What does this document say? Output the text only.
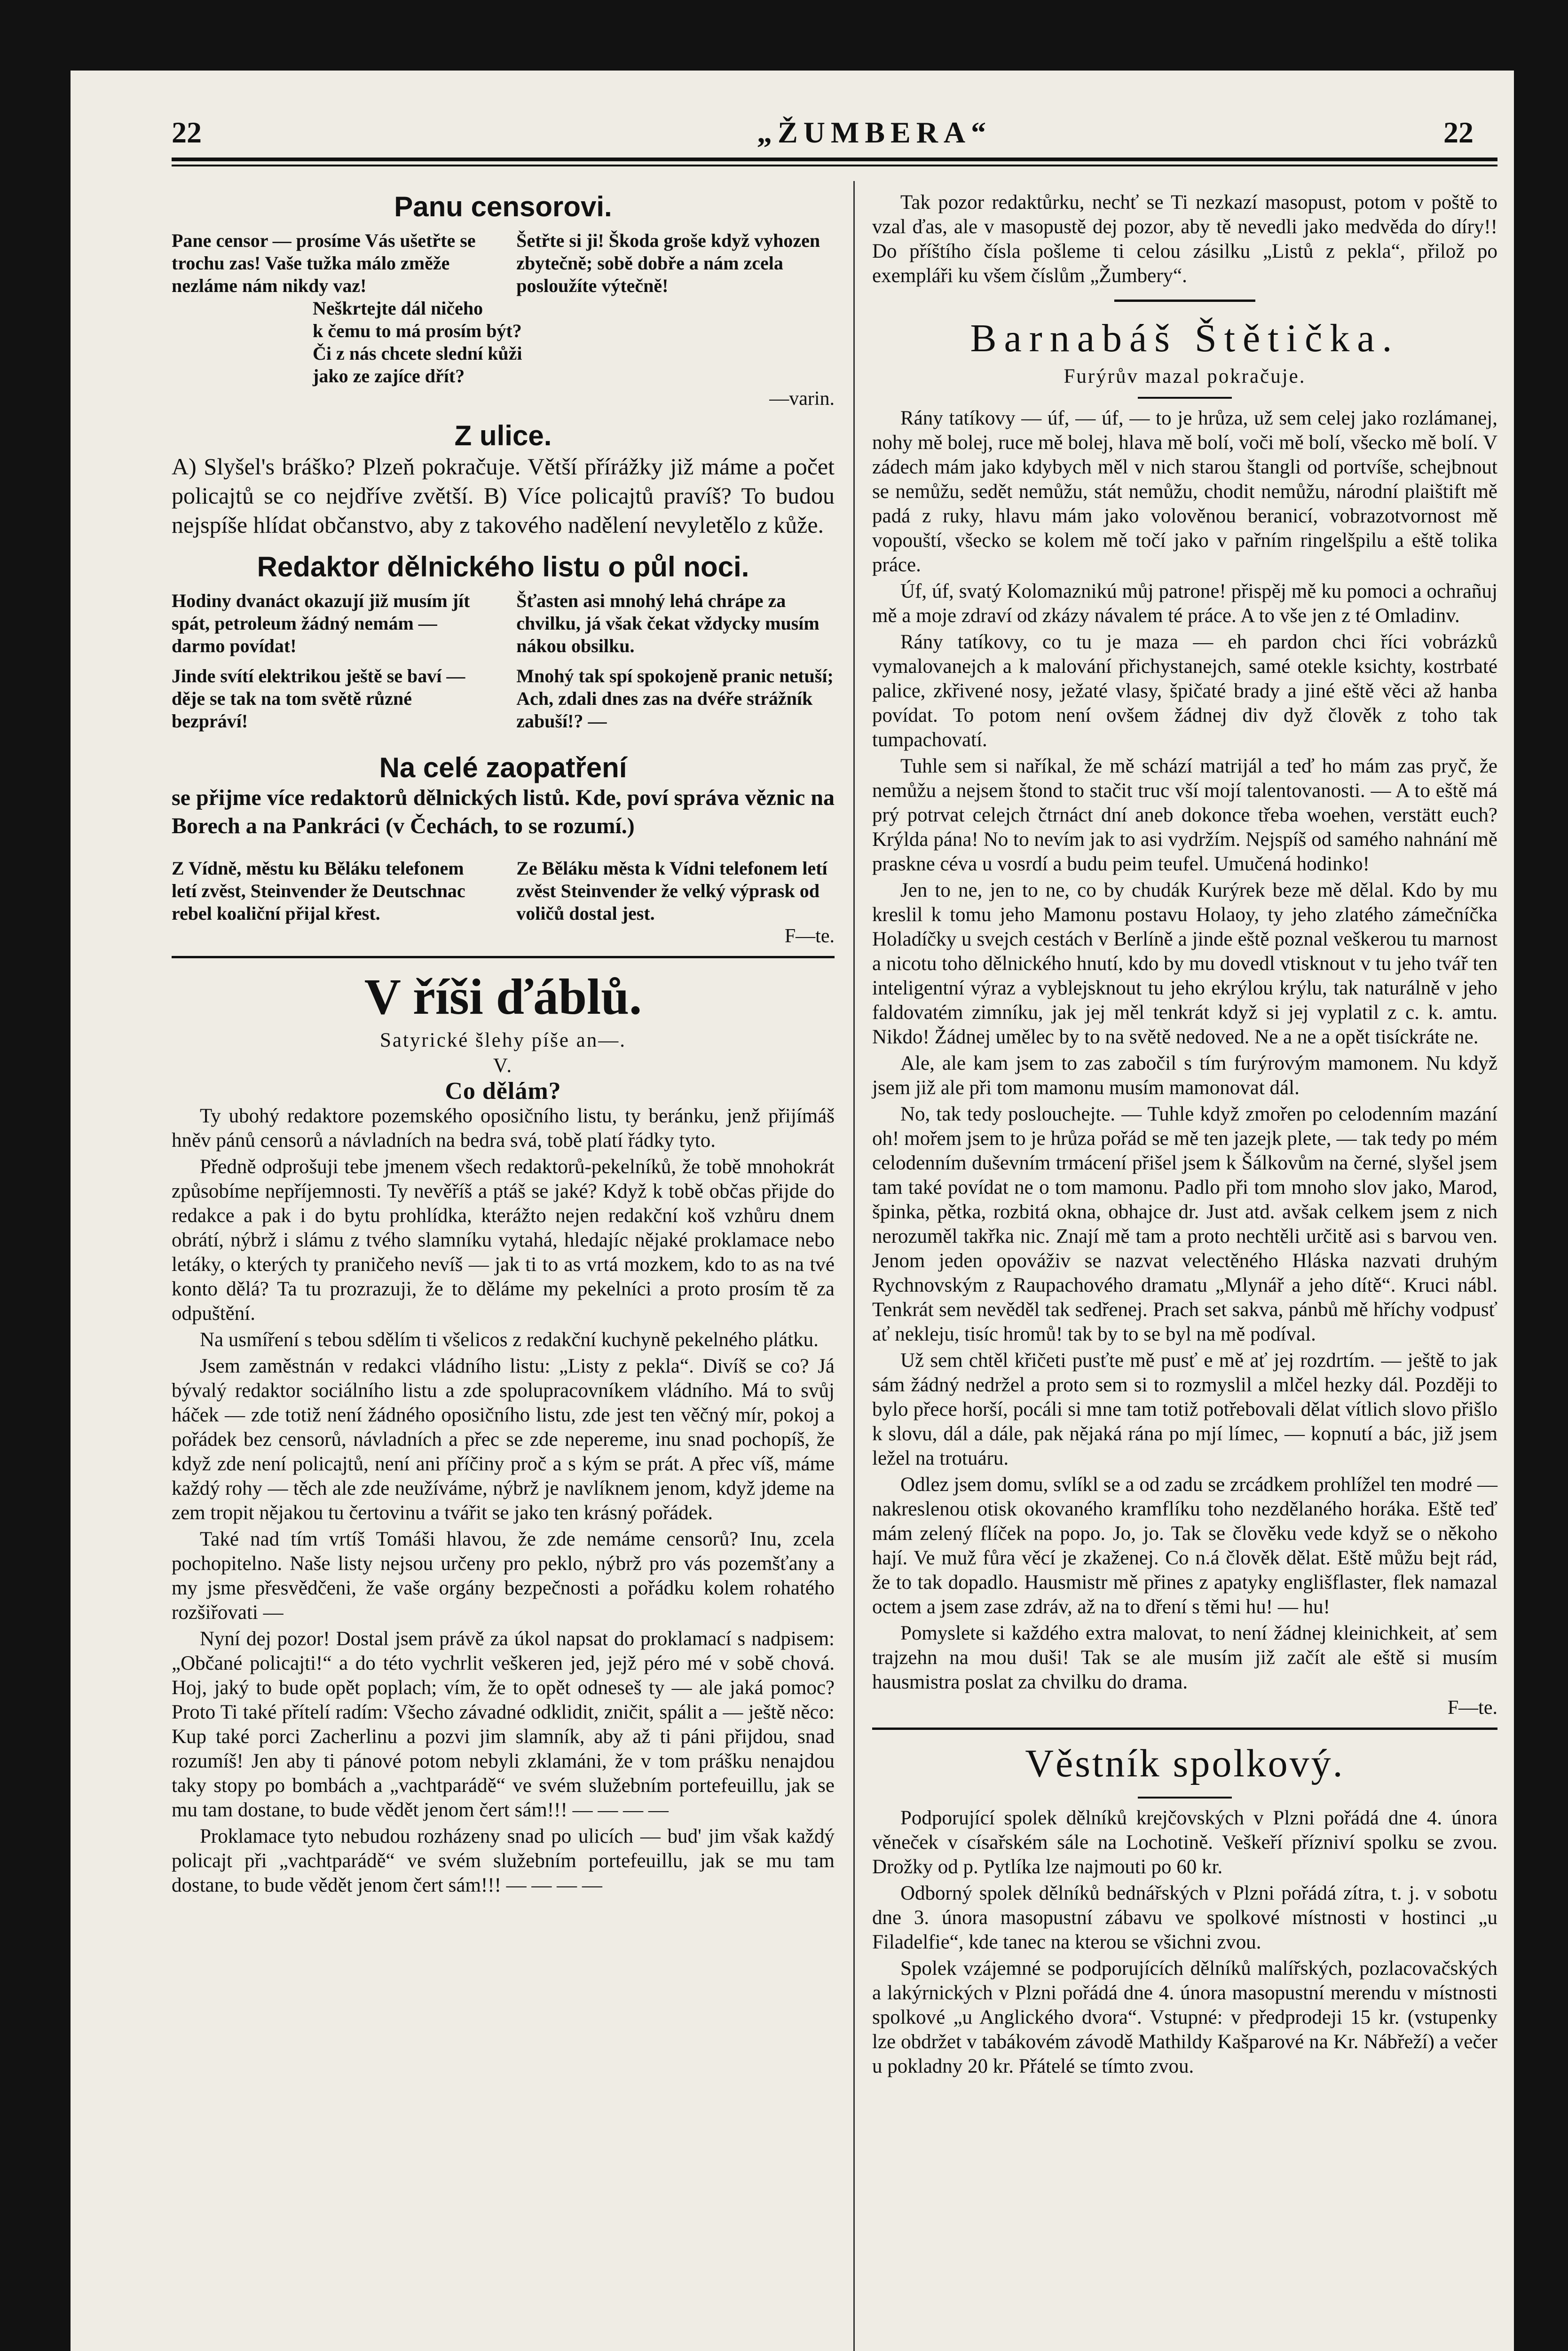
22	„ŽUMBERA“	22
Panu censorovi.
Pane censor — prosíme Vás ušetřte se trochu zas! Vaše tužka málo změže nezláme nám nikdy vaz!
Šetřte si ji! Škoda groše když vyhozen zbytečně; sobě dobře a nám zcela posloužíte výtečně!
Neškrtejte dál ničeho
k čemu to má prosím být?
Či z nás chcete slední kůži
jako ze zajíce dřít?
—varin.
Z ulice.

A) Slyšel's bráško? Plzeň pokračuje. Větší přírážky již máme a počet policajtů se co nejdříve zvětší. B) Více policajtů pravíš? To budou nejspíše hlídat občanstvo, aby z takového nadělení nevyletělo z kůže.

Redaktor dělnického listu o půl noci.
Hodiny dvanáct okazují již musím jít spát, petroleum žádný nemám — darmo povídat!
Jinde svítí elektrikou ještě se baví — děje se tak na tom světě různé bezpráví!
Šťasten asi mnohý lehá chrápe za chvilku, já však čekat vždycky musím nákou obsilku.
Mnohý tak spí spokojeně pranic netuší; Ach, zdali dnes zas na dvéře strážník zabuší!? —
Na celé zaopatření

se přijme více redaktorů dělnických listů. Kde, poví správa věznic na Borech a na Pankráci (v Čechách, to se rozumí.)

Z Vídně, městu ku Běláku telefonem letí zvěst, Steinvender že Deutschnac rebel koaliční přijal křest.
Ze Běláku města k Vídni telefonem letí zvěst Steinvender že velký výprask od voličů dostal jest.
F—te.
V říši ďáblů.
Satyrické šlehy píše an—.
V.
Co dělám?

Ty ubohý redaktore pozemského oposičního listu, ty beránku, jenž přijímáš hněv pánů censorů a návladních na bedra svá, tobě platí řádky tyto.

Předně odprošuji tebe jmenem všech redaktorů-pekelníků, že tobě mnohokrát způsobíme nepříjemnosti. Ty nevěříš a ptáš se jaké? Když k tobě občas přijde do redakce a pak i do bytu prohlídka, kterážto nejen redakční koš vzhůru dnem obrátí, nýbrž i slámu z tvého slamníku vytahá, hledajíc nějaké proklamace nebo letáky, o kterých ty praničeho nevíš — jak ti to as vrtá mozkem, kdo to as na tvé konto dělá? Ta tu prozrazuji, že to děláme my pekelníci a proto prosím tě za odpuštění.

Na usmíření s tebou sdělím ti všelicos z redakční kuchyně pekelného plátku.

Jsem zaměstnán v redakci vládního listu: „Listy z pekla“. Divíš se co? Já bývalý redaktor sociálního listu a zde spolupracovníkem vládního. Má to svůj háček — zde totiž není žádného oposičního listu, zde jest ten věčný mír, pokoj a pořádek bez censorů, návladních a přec se zde nepereme, inu snad pochopíš, že když zde není policajtů, není ani příčiny proč a s kým se prát. A přec víš, máme každý rohy — těch ale zde neužíváme, nýbrž je navlíknem jenom, když jdeme na zem tropit nějakou tu čertovinu a tvářit se jako ten krásný pořádek.

Také nad tím vrtíš Tomáši hlavou, že zde nemáme censorů? Inu, zcela pochopitelno. Naše listy nejsou určeny pro peklo, nýbrž pro vás pozemšťany a my jsme přesvědčeni, že vaše orgány bezpečnosti a pořádku kolem rohatého rozšiřovati —

Nyní dej pozor! Dostal jsem právě za úkol napsat do proklamací s nadpisem: „Občané policajti!“ a do této vychrlit veškeren jed, jejž péro mé v sobě chová. Hoj, jaký to bude opět poplach; vím, že to opět odneseš ty — ale jaká pomoc? Proto Ti také přítelí radím: Všecho závadné odklidit, zničit, spálit a — ještě něco: Kup také porci Zacherlinu a pozvi jim slamník, aby až ti páni přijdou, snad rozumíš! Jen aby ti pánové potom nebyli zklamáni, že v tom prášku nenajdou taky stopy po bombách a „vachtparádě“ ve svém služebním portefeuillu, jak se mu tam dostane, to bude vědět jenom čert sám!!! — — — —

Proklamace tyto nebudou rozházeny snad po ulicích — bud' jim však každý policajt při „vachtparádě“ ve svém služebním portefeuillu, jak se mu tam dostane, to bude vědět jenom čert sám!!! — — — —

Tak pozor redaktůrku, nechť se Ti nezkazí masopust, potom v poště to vzal ďas, ale v masopustě dej pozor, aby tě nevedli jako medvěda do díry!! Do příštího čísla pošleme ti celou zásilku „Listů z pekla“, přilož po exempláři ku všem číslům „Žumbery“.

Barnabáš Štětička.
Furýrův mazal pokračuje.

Rány tatíkovy — úf, — úf, — to je hrůza, už sem celej jako rozlámanej, nohy mě bolej, ruce mě bolej, hlava mě bolí, voči mě bolí, všecko mě bolí. V zádech mám jako kdybych měl v nich starou štangli od portvíše, schejbnout se nemůžu, sedět nemůžu, stát nemůžu, chodit nemůžu, národní plaištift mě padá z ruky, hlavu mám jako volověnou beranicí, vobrazotvornost mě vopouští, všecko se kolem mě točí jako v pařním ringelšpilu a eště tolika práce.

Úf, úf, svatý Kolomaznikú můj patrone! přispěj mě ku pomoci a ochrañuj mě a moje zdraví od zkázy návalem té práce. A to vše jen z té Omladinv.

Rány tatíkovy, co tu je maza — eh pardon chci říci vobrázků vymalovanejch a k malování přichystanejch, samé otekle ksichty, kostrbaté palice, zkřivené nosy, ježaté vlasy, špičaté brady a jiné eště věci až hanba povídat. To potom není ovšem žádnej div dyž člověk z toho tak tumpachovatí.

Tuhle sem si naříkal, že mě schází matrijál a teď ho mám zas pryč, že nemůžu a nejsem štond to stačit truc vší mojí talentovanosti. — A to eště má prý potrvat celejch čtrnáct dní aneb dokonce třeba woehen, verstätt euch? Krýlda pána! No to nevím jak to asi vydržím. Nejspíš od samého nahnání mě praskne céva u vosrdí a budu peim teufel. Umučená hodinko!

Jen to ne, jen to ne, co by chudák Kurýrek beze mě dělal. Kdo by mu kreslil k tomu jeho Mamonu postavu Holaoy, ty jeho zlatého zámečníčka Holadíčky u svejch cestách v Berlíně a jinde eště poznal veškerou tu marnost a nicotu toho dělnického hnutí, kdo by mu dovedl vtisknout v tu jeho tvář ten inteligentní výraz a vyblejsknout tu jeho ekrýlou krýlu, tak naturálně v jeho faldovatém zimníku, jak jej měl tenkrát když si jej vyplatil z c. k. amtu. Nikdo! Žádnej umělec by to na světě nedoved. Ne a ne a opět tisíckráte ne.

Ale, ale kam jsem to zas zabočil s tím furýrovým mamonem. Nu když jsem již ale při tom mamonu musím mamonovat dál.

No, tak tedy poslouchejte. — Tuhle když zmořen po celodenním mazání oh! mořem jsem to je hrůza pořád se mě ten jazejk plete, — tak tedy po mém celodenním duševním trmácení přišel jsem k Šálkovům na černé, slyšel jsem tam také povídat ne o tom mamonu. Padlo při tom mnoho slov jako, Marod, špinka, pětka, rozbitá okna, obhajce dr. Just atd. avšak celkem jsem z nich nerozuměl takřka nic. Znají mě tam a proto nechtěli určitě asi s barvou ven. Jenom jeden opováživ se nazvat velectěného Hláska nazvati druhým Rychnovským z Raupachového dramatu „Mlynář a jeho dítě“. Kruci nábl. Tenkrát sem nevěděl tak sedřenej. Prach set sakva, pánbů mě hříchy vodpusť ať nekleju, tisíc hromů! tak by to se byl na mě podíval.

Už sem chtěl křičeti pusťte mě pusť e mě ať jej rozdrtím. — ještě to jak sám žádný nedržel a proto sem si to rozmyslil a mlčel hezky dál. Později to bylo přece horší, pocáli si mne tam totiž potřebovali dělat vítlich slovo přišlo k slovu, dál a dále, pak nějaká rána po mjí límec, — kopnutí a bác, již jsem ležel na trotuáru.

Odlez jsem domu, svlíkl se a od zadu se zrcádkem prohlížel ten modré — nakreslenou otisk okovaného kramflíku toho nezdělaného horáka. Eště teď mám zelený flíček na popo. Jo, jo. Tak se člověku vede když se o někoho hají. Ve muž fůra věcí je zkaženej. Co n.á člověk dělat. Eště můžu bejt rád, že to tak dopadlo. Hausmistr mě přines z apatyky englišflaster, flek namazal octem a jsem zase zdráv, až na to dření s těmi hu! — hu!

Pomyslete si každého extra malovat, to není žádnej kleinichkeit, ať sem trajzehn na mou duši! Tak se ale musím již začít ale eště si musím hausmistra poslat za chvilku do drama.

F—te.
Věstník spolkový.

Podporující spolek dělníků krejčovských v Plzni pořádá dne 4. února věneček v císařském sále na Lochotině. Veškeří přízniví spolku se zvou. Drožky od p. Pytlíka lze najmouti po 60 kr.

Odborný spolek dělníků bednářských v Plzni pořádá zítra, t. j. v sobotu dne 3. února masopustní zábavu ve spolkové místnosti v hostinci „u Filadelfie“, kde tanec na kterou se všichni zvou.

Spolek vzájemné se podporujících dělníků malířských, pozlacovačských a lakýrnických v Plzni pořádá dne 4. února masopustní merendu v místnosti spolkové „u Anglického dvora“. Vstupné: v předprodeji 15 kr. (vstupenky lze obdržet v tabákovém závodě Mathildy Kašparové na Kr. Nábřeží) a večer u pokladny 20 kr. Přátelé se tímto zvou.
